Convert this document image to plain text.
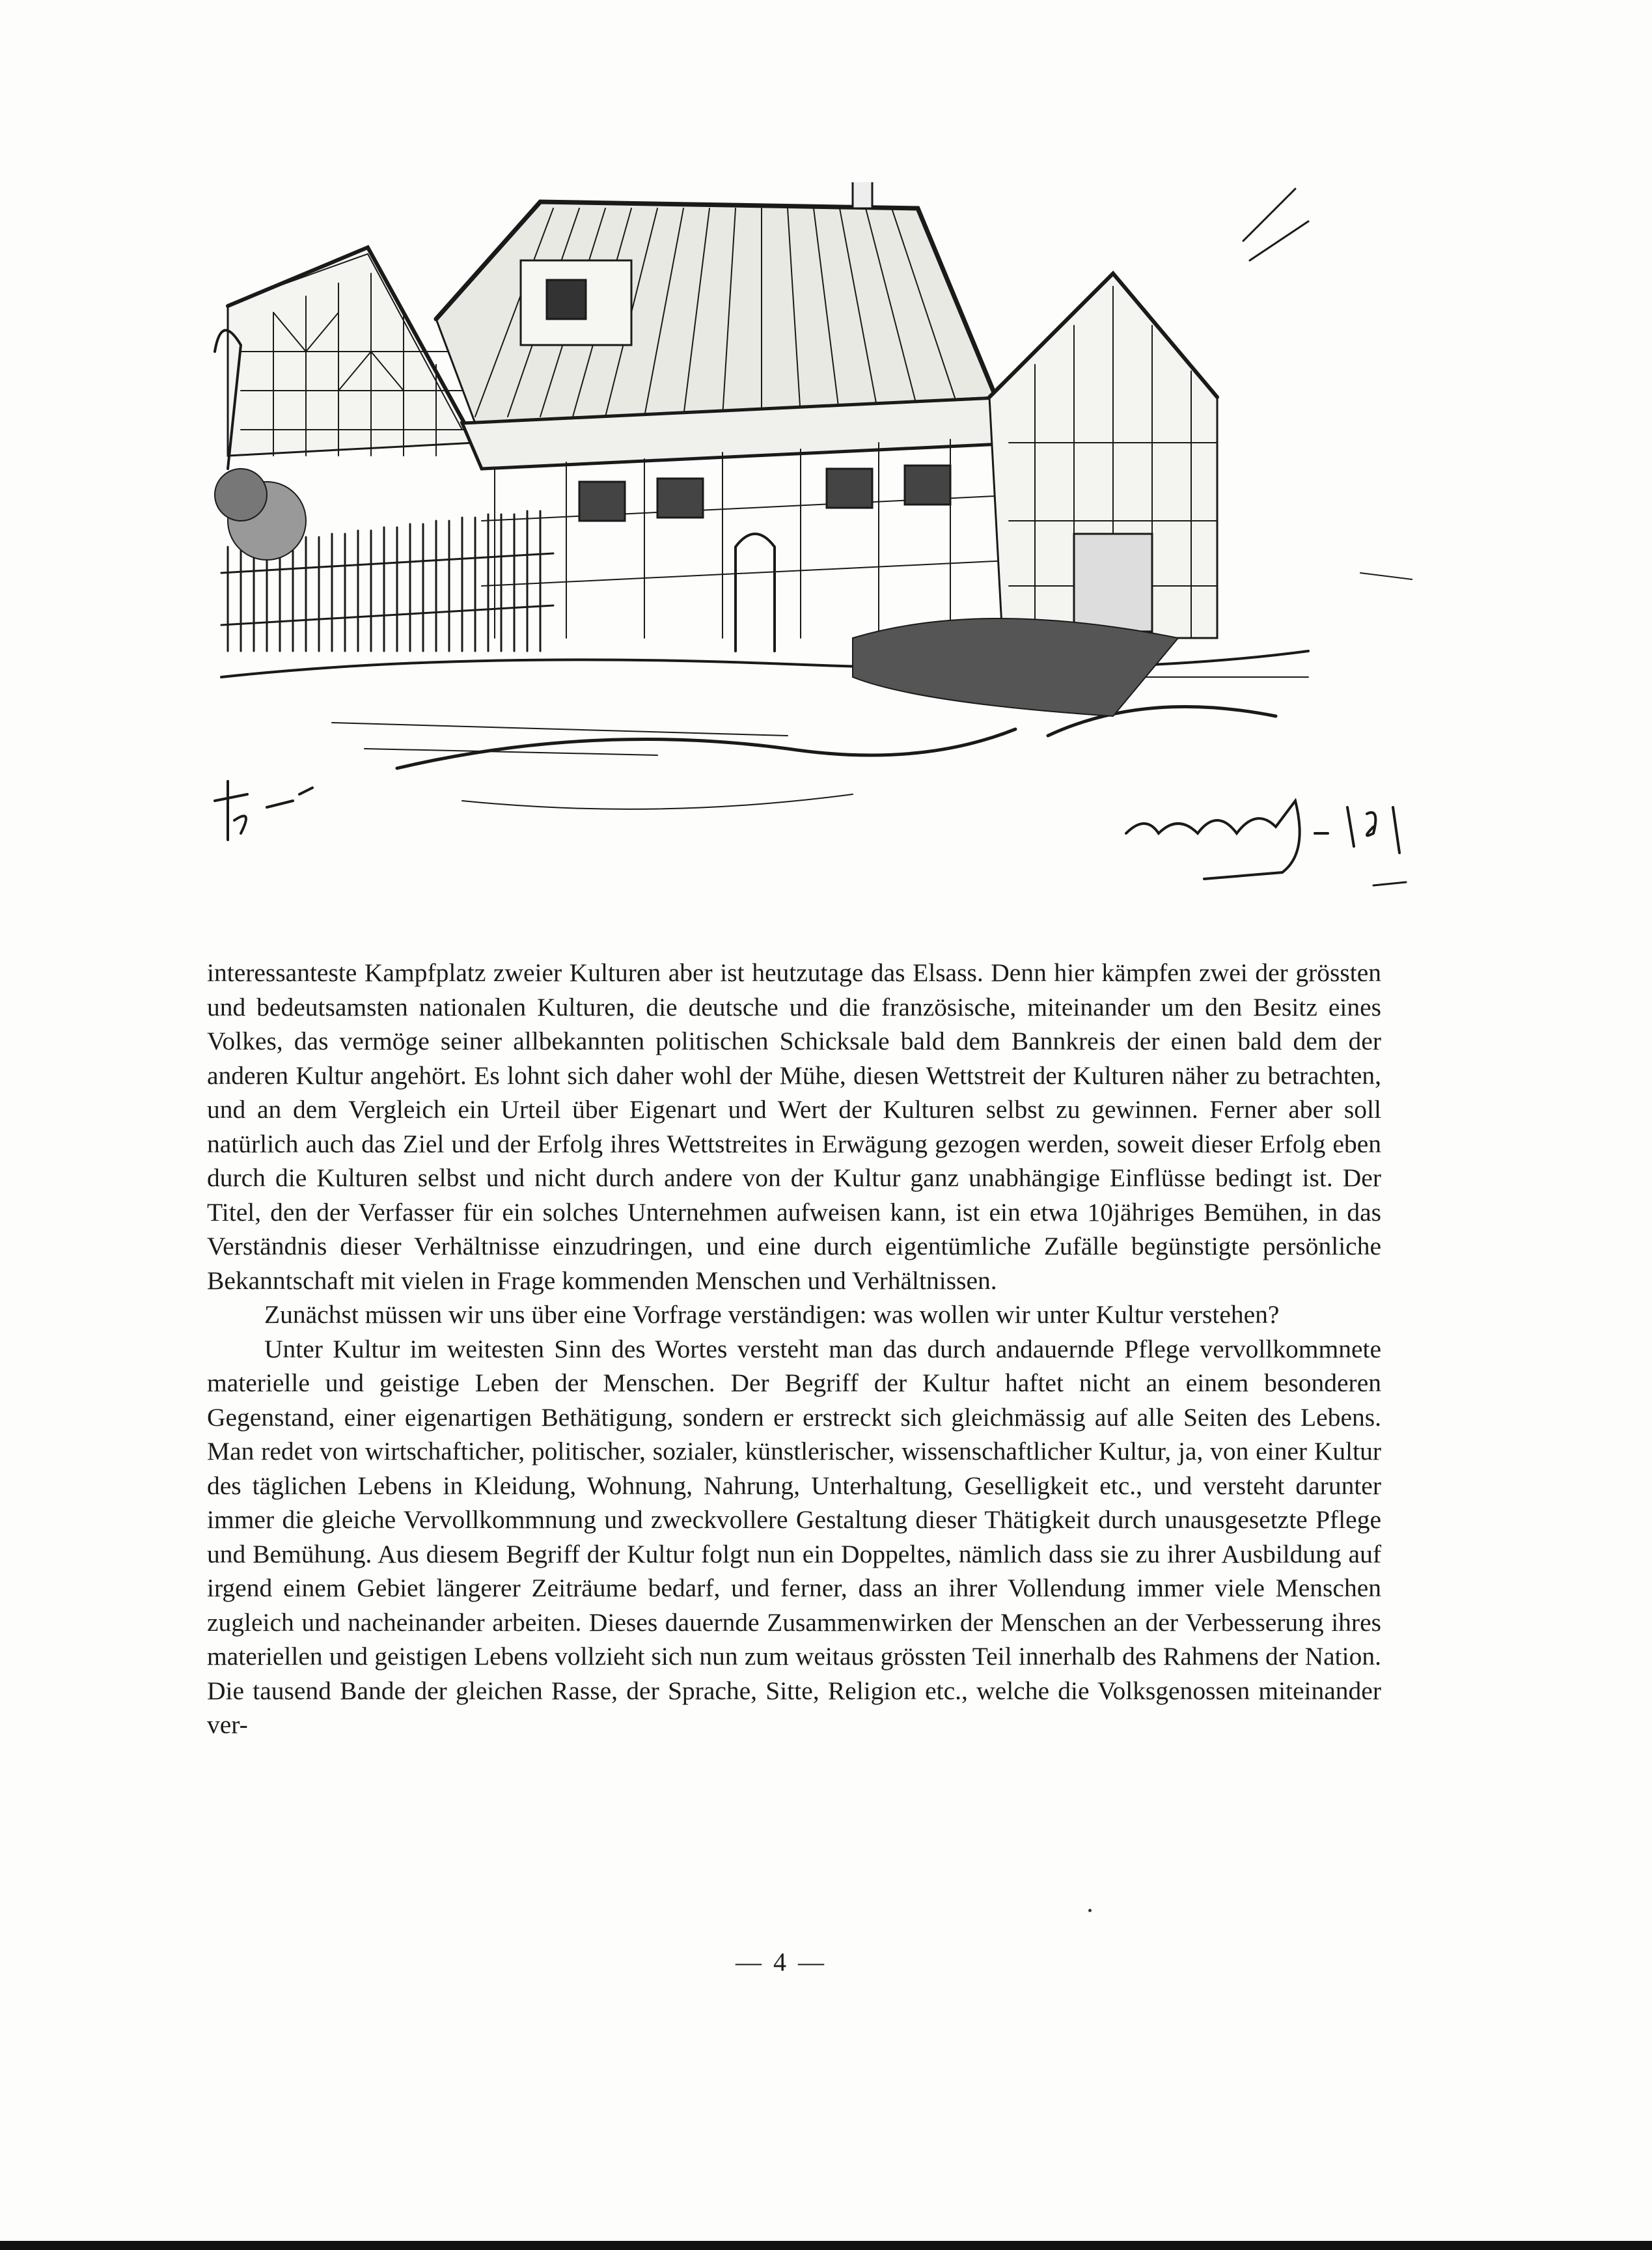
interessanteste Kampfplatz zweier Kulturen aber ist heutzutage das Elsass. Denn hier kämpfen zwei der grössten und bedeutsamsten nationalen Kulturen, die deutsche und die französische, miteinander um den Besitz eines Volkes, das vermöge seiner allbekannten politischen Schicksale bald dem Bannkreis der einen bald dem der anderen Kultur angehört. Es lohnt sich daher wohl der Mühe, diesen Wettstreit der Kulturen näher zu betrachten, und an dem Vergleich ein Urteil über Eigenart und Wert der Kulturen selbst zu gewinnen. Ferner aber soll natürlich auch das Ziel und der Erfolg ihres Wettstreites in Erwägung gezogen werden, soweit dieser Erfolg eben durch die Kulturen selbst und nicht durch andere von der Kultur ganz unabhängige Einflüsse bedingt ist. Der Titel, den der Verfasser für ein solches Unternehmen aufweisen kann, ist ein etwa 10jähriges Bemühen, in das Verständnis dieser Verhältnisse einzudringen, und eine durch eigentümliche Zufälle begünstigte persönliche Bekanntschaft mit vielen in Frage kommenden Menschen und Verhältnissen.

Zunächst müssen wir uns über eine Vorfrage verständigen: was wollen wir unter Kultur verstehen?

Unter Kultur im weitesten Sinn des Wortes versteht man das durch andauernde Pflege vervollkommnete materielle und geistige Leben der Menschen. Der Begriff der Kultur haftet nicht an einem besonderen Gegenstand, einer eigenartigen Bethätigung, sondern er erstreckt sich gleichmässig auf alle Seiten des Lebens. Man redet von wirtschafticher, politischer, sozialer, künstlerischer, wissenschaftlicher Kultur, ja, von einer Kultur des täglichen Lebens in Kleidung, Wohnung, Nahrung, Unterhaltung, Geselligkeit etc., und versteht darunter immer die gleiche Vervollkommnung und zweckvollere Gestaltung dieser Thätigkeit durch unausgesetzte Pflege und Bemühung. Aus diesem Begriff der Kultur folgt nun ein Doppeltes, nämlich dass sie zu ihrer Ausbildung auf irgend einem Gebiet längerer Zeiträume bedarf, und ferner, dass an ihrer Vollendung immer viele Menschen zugleich und nacheinander arbeiten. Dieses dauernde Zusammenwirken der Menschen an der Verbesserung ihres materiellen und geistigen Lebens vollzieht sich nun zum weitaus grössten Teil innerhalb des Rahmens der Nation. Die tausend Bande der gleichen Rasse, der Sprache, Sitte, Religion etc., welche die Volksgenossen miteinander ver-

— 4 —
